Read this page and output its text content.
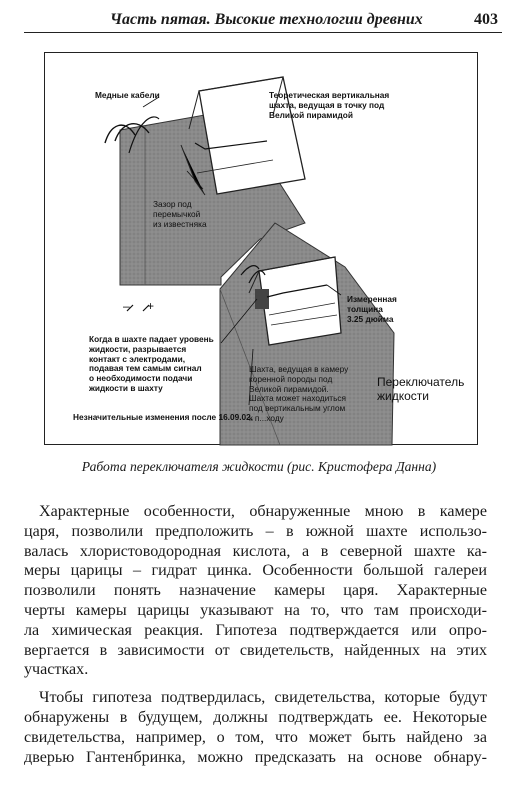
Часть пятая. Высокие технологии древних	403
Медные кабели	Теоретическая вертикальная
шахта, ведущая в точку под
Великой пирамидой
Зазор под
перемычкой
из известняка
Измеренная
толщина
3.25 дюйма
– +
Когда в шахте падает уровень
жидкости, разрывается
контакт с электродами,
подавая тем самым сигнал
о необходимости подачи
жидкости в шахту
Шахта, ведущая в камеру
коренной породы под
Великой пирамидой.
Шахта может находиться
под вертикальным углом
к п...ходу
Переключатель
жидкости
Незначительные изменения после 16.09.02.
Работа переключателя жидкости (рис. Кристофера Данна)
Характерные особенности, обнаруженные мною в камере
царя, позволили предположить – в южной шахте использо-
валась хлористоводородная кислота, а в северной шахте ка-
меры царицы – гидрат цинка. Особенности большой галереи
позволили понять назначение камеры царя. Характерные
черты камеры царицы указывают на то, что там происходи-
ла химическая реакция. Гипотеза подтверждается или опро-
вергается в зависимости от свидетельств, найденных на этих
участках.
Чтобы гипотеза подтвердилась, свидетельства, которые будут
обнаружены в будущем, должны подтверждать ее. Некоторые
свидетельства, например, о том, что может быть найдено за
дверью Гантенбринка, можно предсказать на основе обнару-
